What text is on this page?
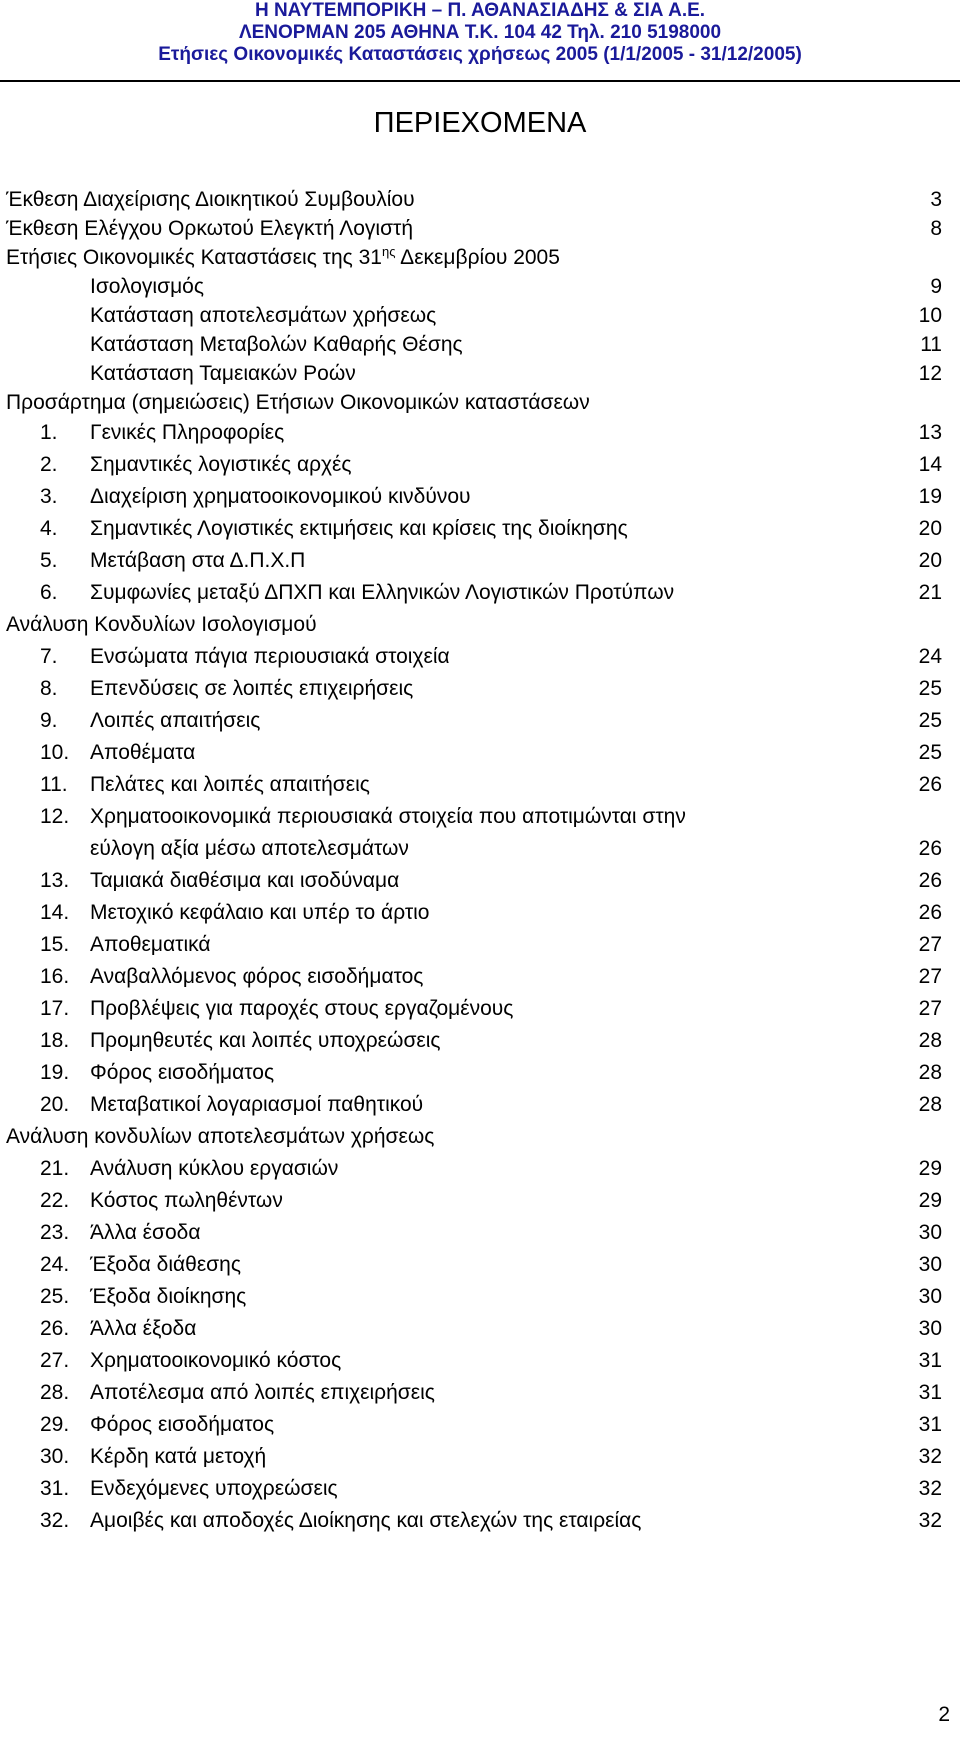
Η ΝΑΥΤΕΜΠΟΡΙΚΗ – Π. ΑΘΑΝΑΣΙΑΔΗΣ & ΣΙΑ Α.Ε.
ΛΕΝΟΡΜΑΝ 205 ΑΘΗΝΑ Τ.Κ. 104 42 Τηλ. 210 5198000
Ετήσιες Οικονομικές Καταστάσεις χρήσεως 2005 (1/1/2005 - 31/12/2005)
ΠΕΡΙΕΧΟΜΕΝΑ
Έκθεση Διαχείρισης Διοικητικού Συμβουλίου	3
Έκθεση Ελέγχου Ορκωτού Ελεγκτή Λογιστή	8
Ετήσιες Οικονομικές Καταστάσεις της $31^{\eta\varsigma}$ Δεκεμβρίου 2005
Ισολογισμός	9
Κατάσταση αποτελεσμάτων χρήσεως	10
Κατάσταση Μεταβολών Καθαρής Θέσης	11
Κατάσταση Ταμειακών Ροών	12
Προσάρτημα (σημειώσεις) Ετήσιων Οικονομικών καταστάσεων
1.	Γενικές Πληροφορίες	13
2.	Σημαντικές λογιστικές αρχές	14
3.	Διαχείριση χρηματοοικονομικού κινδύνου	19
4.	Σημαντικές Λογιστικές εκτιμήσεις και κρίσεις της διοίκησης	20
5.	Μετάβαση στα Δ.Π.Χ.Π	20
6.	Συμφωνίες μεταξύ ΔΠΧΠ και Ελληνικών Λογιστικών Προτύπων	21
Ανάλυση Κονδυλίων Ισολογισμού
7.	Ενσώματα πάγια περιουσιακά στοιχεία	24
8.	Επενδύσεις σε λοιπές επιχειρήσεις	25
9.	Λοιπές απαιτήσεις	25
10. Αποθέματα	25
11.	Πελάτες και λοιπές απαιτήσεις	26
12. Χρηματοοικονομικά περιουσιακά στοιχεία που αποτιμώνται στην
εύλογη αξία μέσω αποτελεσμάτων	26
13. Ταμιακά διαθέσιμα και ισοδύναμα	26
14. Μετοχικό κεφάλαιο και υπέρ το άρτιο	26
15. Αποθεματικά	27
16. Αναβαλλόμενος φόρος εισοδήματος	27
17. Προβλέψεις για παροχές στους εργαζομένους	27
18. Προμηθευτές και λοιπές υποχρεώσεις	28
19. Φόρος εισοδήματος	28
20. Μεταβατικοί λογαριασμοί παθητικού	28
Ανάλυση κονδυλίων αποτελεσμάτων χρήσεως
21. Ανάλυση κύκλου εργασιών	29
22. Κόστος πωληθέντων	29
23. Άλλα έσοδα	30
24. Έξοδα διάθεσης	30
25. Έξοδα διοίκησης	30
26. Άλλα έξοδα	30
27. Χρηματοοικονομικό κόστος	31
28. Αποτέλεσμα από λοιπές επιχειρήσεις	31
29. Φόρος εισοδήματος	31
30. Κέρδη κατά μετοχή	32
31. Ενδεχόμενες υποχρεώσεις	32
32. Αμοιβές και αποδοχές Διοίκησης και στελεχών της εταιρείας	32
2
